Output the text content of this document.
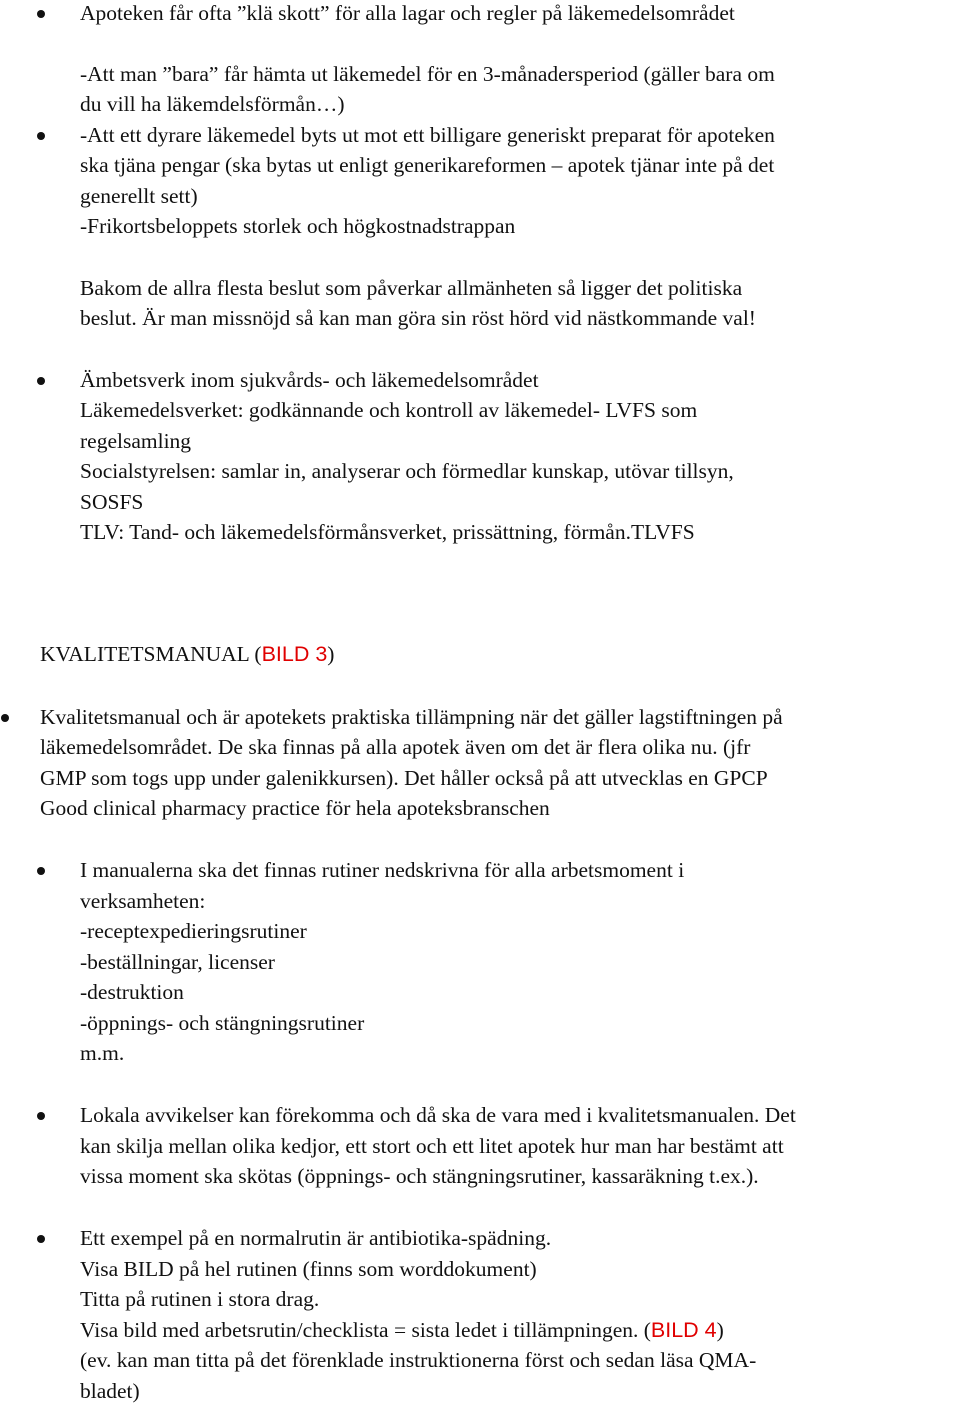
Apoteken får ofta ”klä skott” för alla lagar och regler på läkemedelsområdet
-Att man ”bara” får hämta ut läkemedel för en 3-månadersperiod (gäller bara om
du vill ha läkemdelsförmån…)
-Att ett dyrare läkemedel byts ut mot ett billigare generiskt preparat för apoteken
ska tjäna pengar (ska bytas ut enligt generikareformen – apotek tjänar inte på det
generellt sett)
-Frikortsbeloppets storlek och högkostnadstrappan
Bakom de allra flesta beslut som påverkar allmänheten så ligger det politiska
beslut. Är man missnöjd så kan man göra sin röst hörd vid nästkommande val!
Ämbetsverk inom sjukvårds- och läkemedelsområdet
Läkemedelsverket: godkännande och kontroll av läkemedel- LVFS som
regelsamling
Socialstyrelsen: samlar in, analyserar och förmedlar kunskap, utövar tillsyn,
SOSFS
TLV: Tand- och läkemedelsförmånsverket, prissättning, förmån.TLVFS
KVALITETSMANUAL (BILD 3)
Kvalitetsmanual och är apotekets praktiska tillämpning när det gäller lagstiftningen på
läkemedelsområdet. De ska finnas på alla apotek även om det är flera olika nu. (jfr
GMP som togs upp under galenikkursen). Det håller också på att utvecklas en GPCP
Good clinical pharmacy practice för hela apoteksbranschen
I manualerna ska det finnas rutiner nedskrivna för alla arbetsmoment i
verksamheten:
-receptexpedieringsrutiner
-beställningar, licenser
-destruktion
-öppnings- och stängningsrutiner
m.m.
Lokala avvikelser kan förekomma och då ska de vara med i kvalitetsmanualen. Det
kan skilja mellan olika kedjor, ett stort och ett litet apotek hur man har bestämt att
vissa moment ska skötas (öppnings- och stängningsrutiner, kassaräkning t.ex.).
Ett exempel på en normalrutin är antibiotika-spädning.
Visa BILD på hel rutinen (finns som worddokument)
Titta på rutinen i stora drag.
Visa bild med arbetsrutin/checklista = sista ledet i tillämpningen. (BILD 4)
(ev. kan man titta på det förenklade instruktionerna först och sedan läsa QMA-
bladet)
